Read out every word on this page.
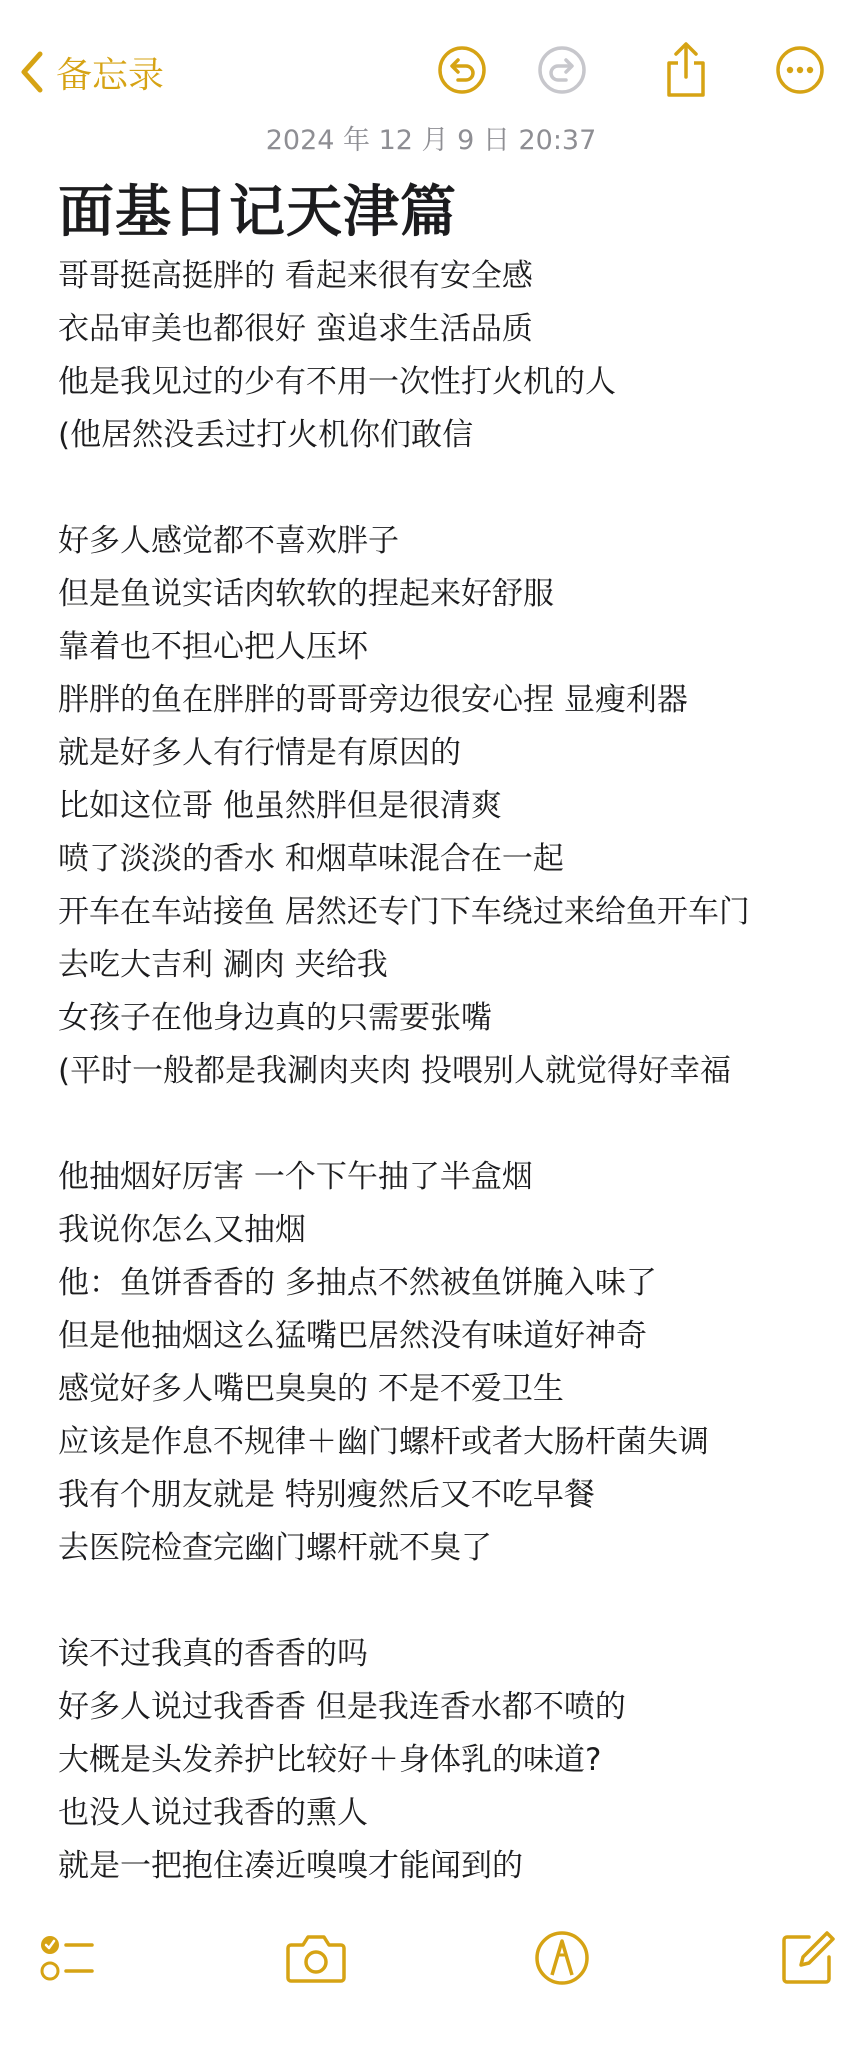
备忘录
2024 年 12 月 9 日 20:37
面基日记天津篇
哥哥挺高挺胖的 看起来很有安全感
衣品审美也都很好 蛮追求生活品质
他是我见过的少有不用一次性打火机的人
(他居然没丢过打火机你们敢信
好多人感觉都不喜欢胖子
但是鱼说实话肉软软的捏起来好舒服
靠着也不担心把人压坏
胖胖的鱼在胖胖的哥哥旁边很安心捏 显瘦利器
就是好多人有行情是有原因的
比如这位哥 他虽然胖但是很清爽
喷了淡淡的香水 和烟草味混合在一起
开车在车站接鱼 居然还专门下车绕过来给鱼开车门
去吃大吉利 涮肉 夹给我
女孩子在他身边真的只需要张嘴
(平时一般都是我涮肉夹肉 投喂别人就觉得好幸福
他抽烟好厉害 一个下午抽了半盒烟
我说你怎么又抽烟
他：鱼饼香香的 多抽点不然被鱼饼腌入味了
但是他抽烟这么猛嘴巴居然没有味道好神奇
感觉好多人嘴巴臭臭的 不是不爱卫生
应该是作息不规律＋幽门螺杆或者大肠杆菌失调
我有个朋友就是 特别瘦然后又不吃早餐
去医院检查完幽门螺杆就不臭了
诶不过我真的香香的吗
好多人说过我香香 但是我连香水都不喷的
大概是头发养护比较好＋身体乳的味道?
也没人说过我香的熏人
就是一把抱住凑近嗅嗅才能闻到的
